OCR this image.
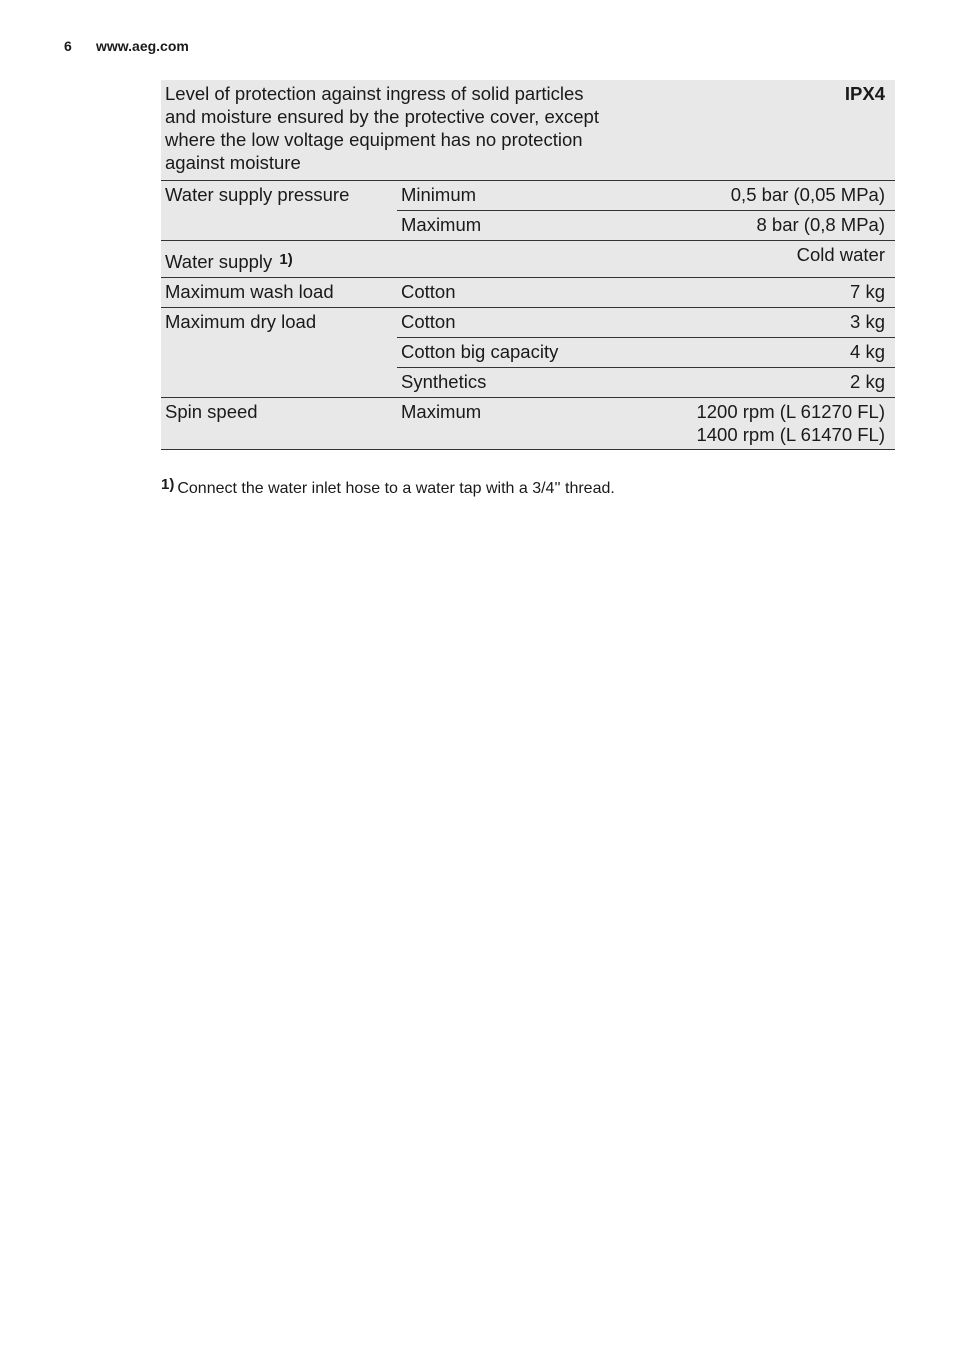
6 www.aeg.com
Level of protection against ingress of solid particles and moisture ensured by the protective cover, except where the low voltage equipment has no protection against moisture		IPX4
Water supply pressure	Minimum	0,5 bar (0,05 MPa)
	Maximum	8 bar (0,8 MPa)
Water supply $^{1)}$		Cold water
Maximum wash load	Cotton	7 kg
Maximum dry load	Cotton	3 kg
	Cotton big capacity	4 kg
	Synthetics	2 kg
Spin speed	Maximum	1200 rpm (L 61270 FL)
1400 rpm (L 61470 FL)
1) Connect the water inlet hose to a water tap with a 3/4'' thread.
